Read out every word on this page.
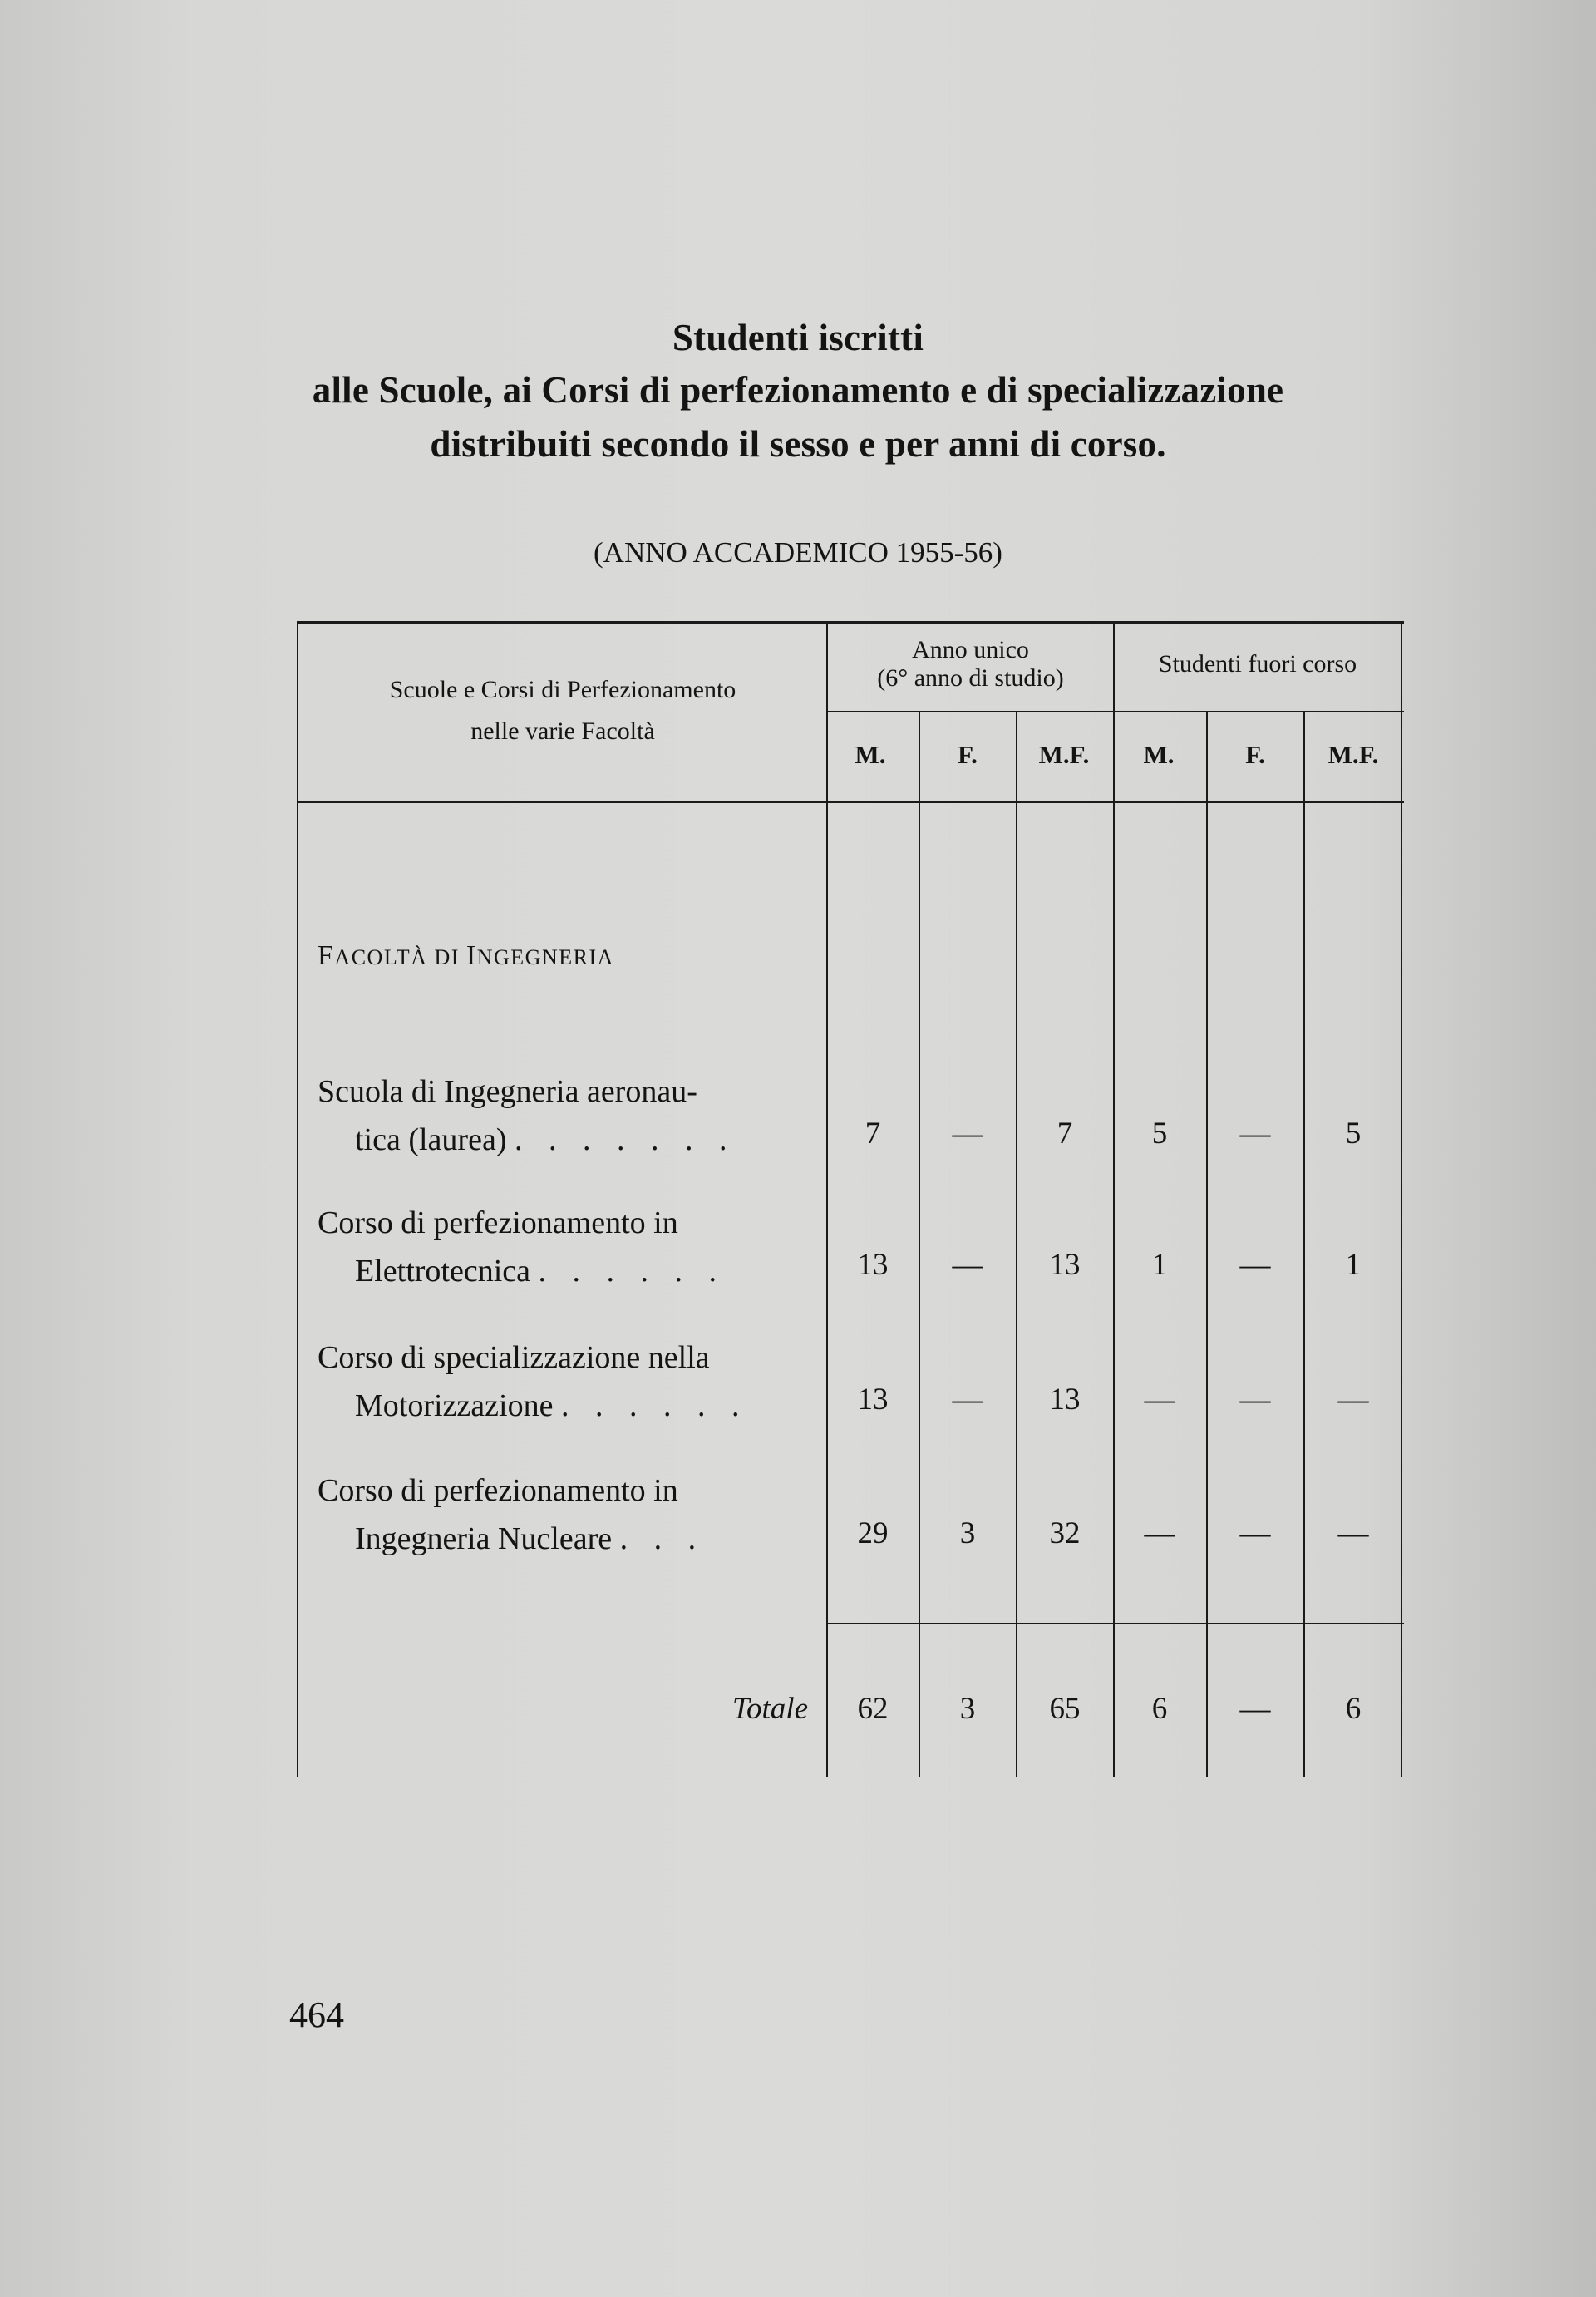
Studenti iscritti
alle Scuole, ai Corsi di perfezionamento e di specializzazione
distribuiti secondo il sesso e per anni di corso.
(ANNO ACCADEMICO 1955-56)
Scuole e Corsi di Perfezionamento
nelle varie Facoltà
Anno unico
(6° anno di studio)
Studenti fuori corso
M.	F.	M.F.	M.	F.	M.F.
FACOLTÀ DI INGEGNERIA
Scuola di Ingegneria aeronau-
tica (laurea) . . . . . . .	7	—	7	5	—	5
Corso di perfezionamento in
Elettrotecnica . . . . . .	13	—	13	1	—	1
Corso di specializzazione nella
Motorizzazione . . . . . .	13	—	13	—	—	—
Corso di perfezionamento in
Ingegneria Nucleare . . .	29	3	32	—	—	—
Totale	62	3	65	6	—	6
464
